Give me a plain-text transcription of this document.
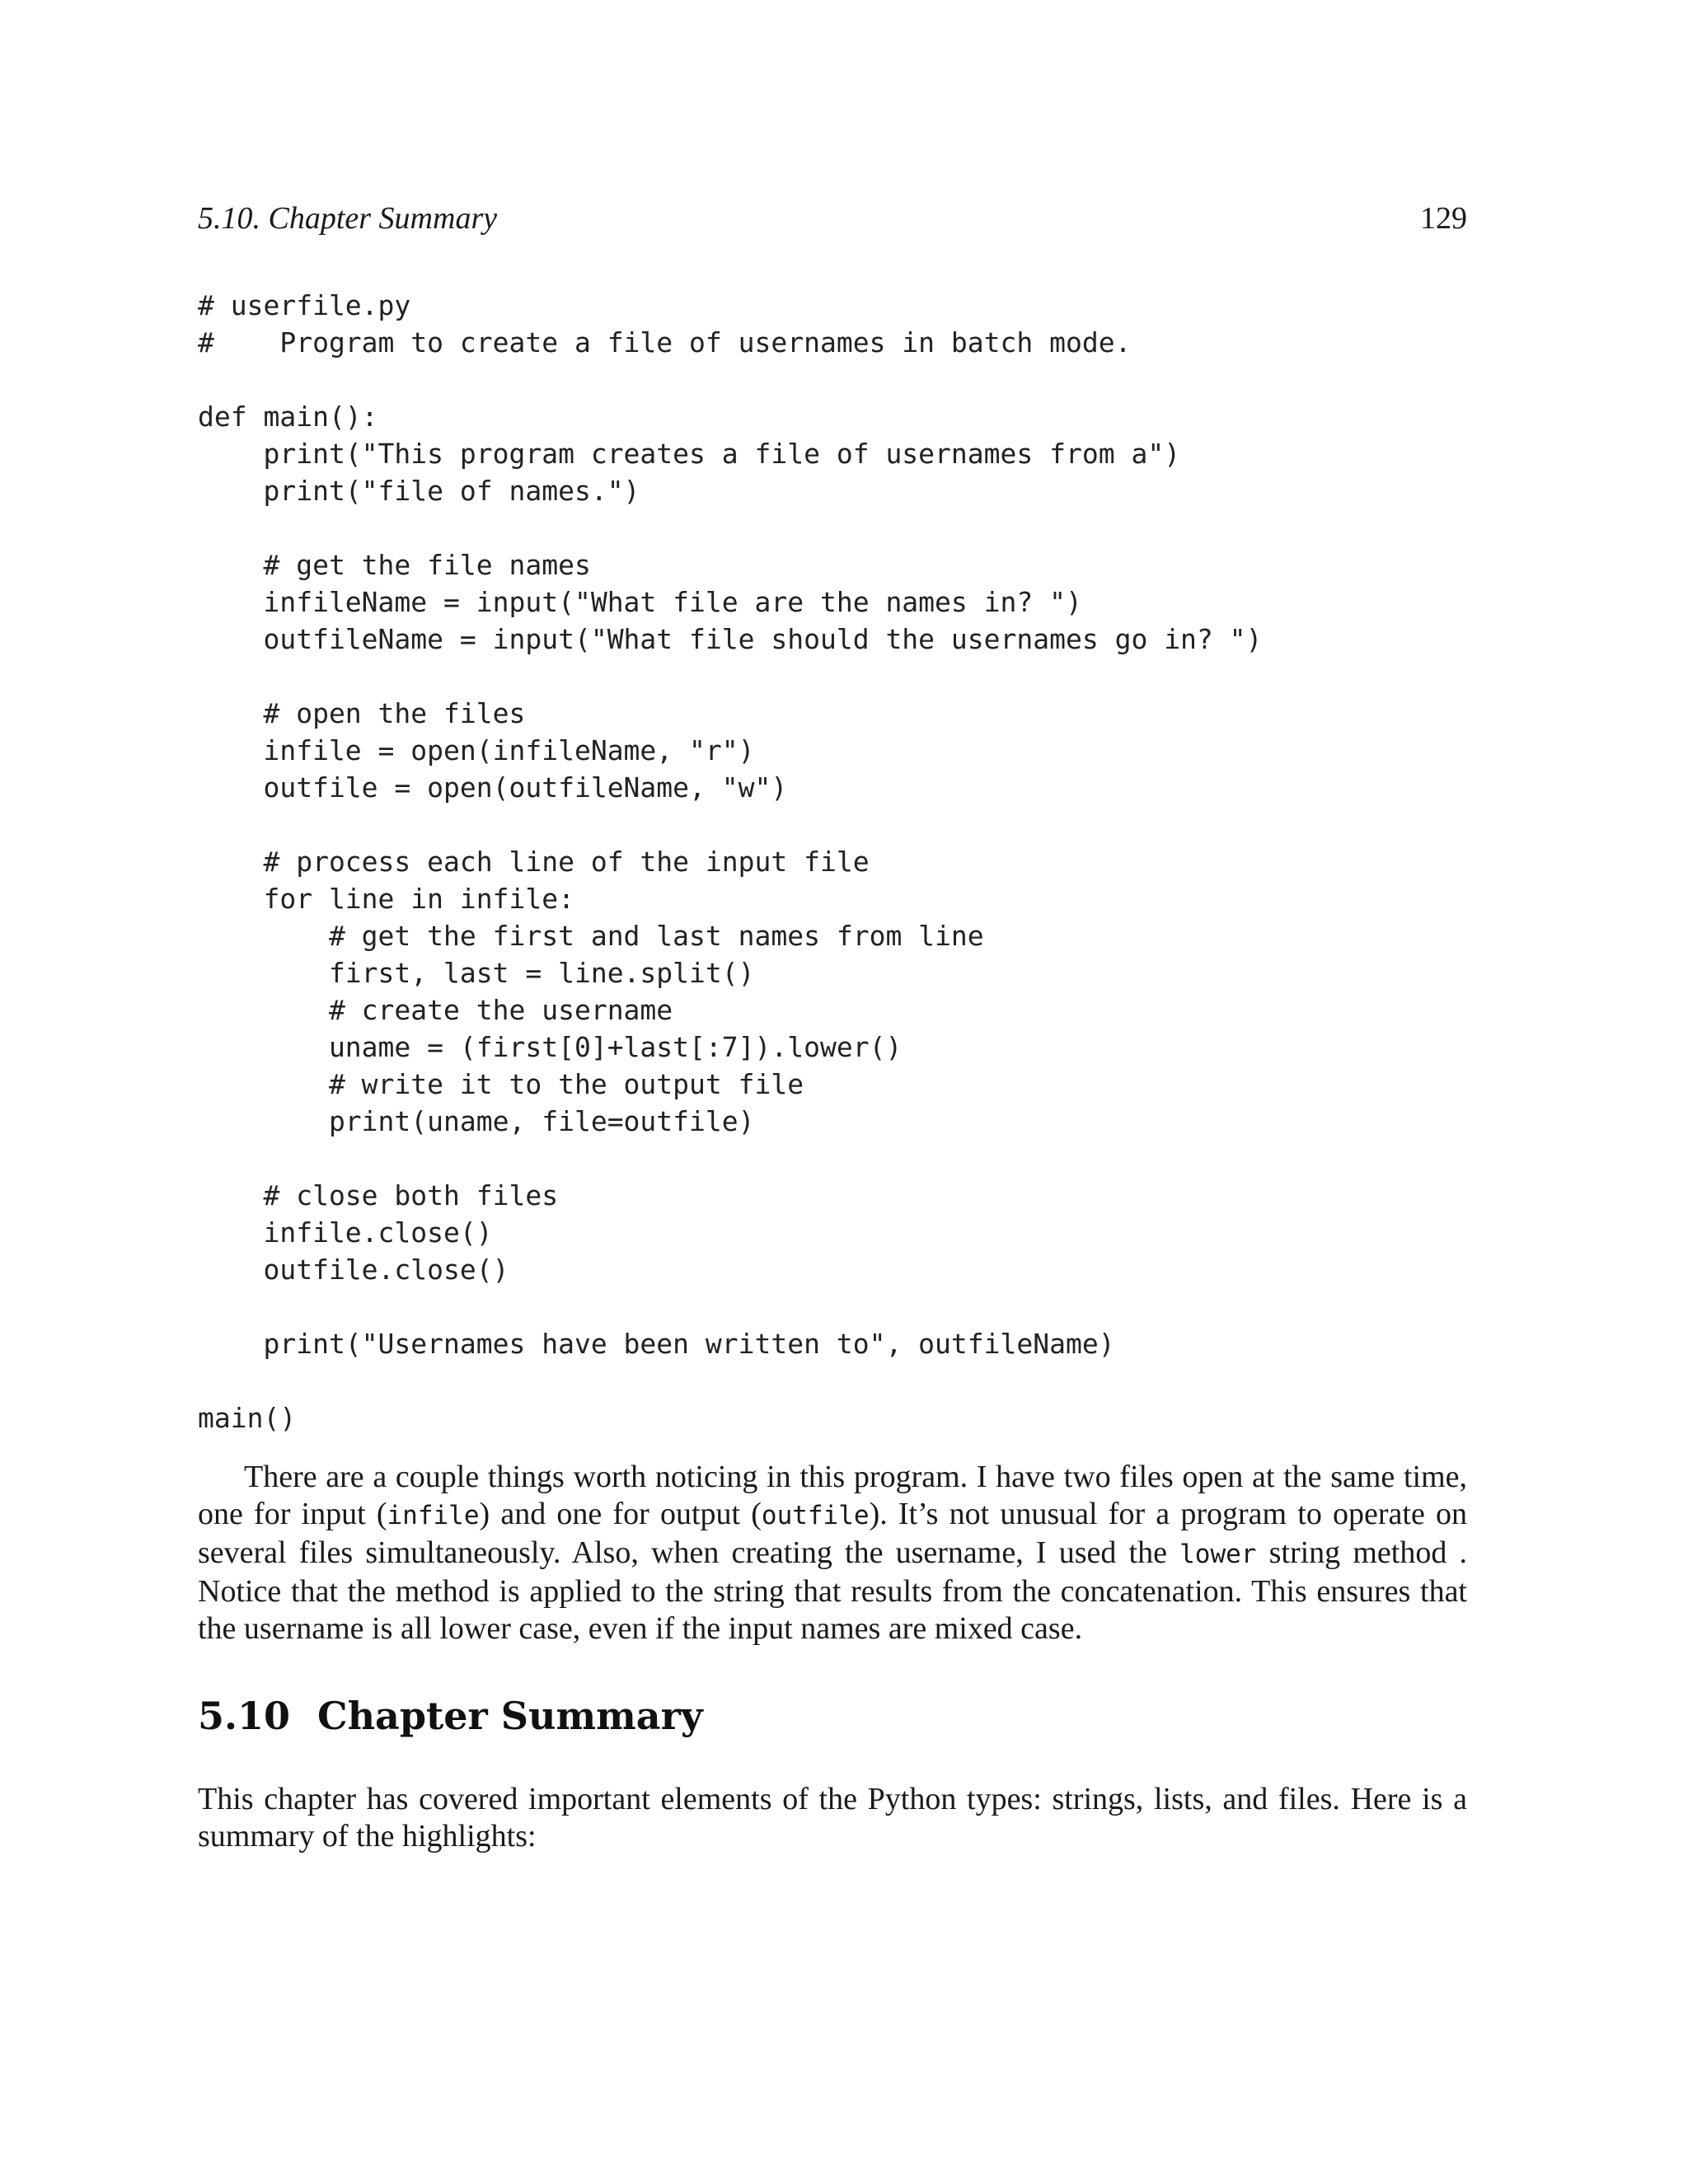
5.10. Chapter Summary	129
# userfile.py
#    Program to create a file of usernames in batch mode.
def main():
print("This program creates a file of usernames from a")
print("file of names.")
# get the file names
infileName = input("What file are the names in? ")
outfileName = input("What file should the usernames go in? ")
# open the files
infile = open(infileName, "r")
outfile = open(outfileName, "w")
# process each line of the input file
for line in infile:
# get the first and last names from line
first, last = line.split()
# create the username
uname = (first[0]+last[:7]).lower()
# write it to the output file
print(uname, file=outfile)
# close both files
infile.close()
outfile.close()
print("Usernames have been written to", outfileName)
main()

There are a couple things worth noticing in this program. I have two files open at the same time, one for input (infile) and one for output (outfile). It’s not unusual for a program to operate on several files simultaneously. Also, when creating the username, I used the lower string method . Notice that the method is applied to the string that results from the concatenation. This ensures that the username is all lower case, even if the input names are mixed case.

5.10 Chapter Summary

This chapter has covered important elements of the Python types: strings, lists, and files. Here is a summary of the highlights:
